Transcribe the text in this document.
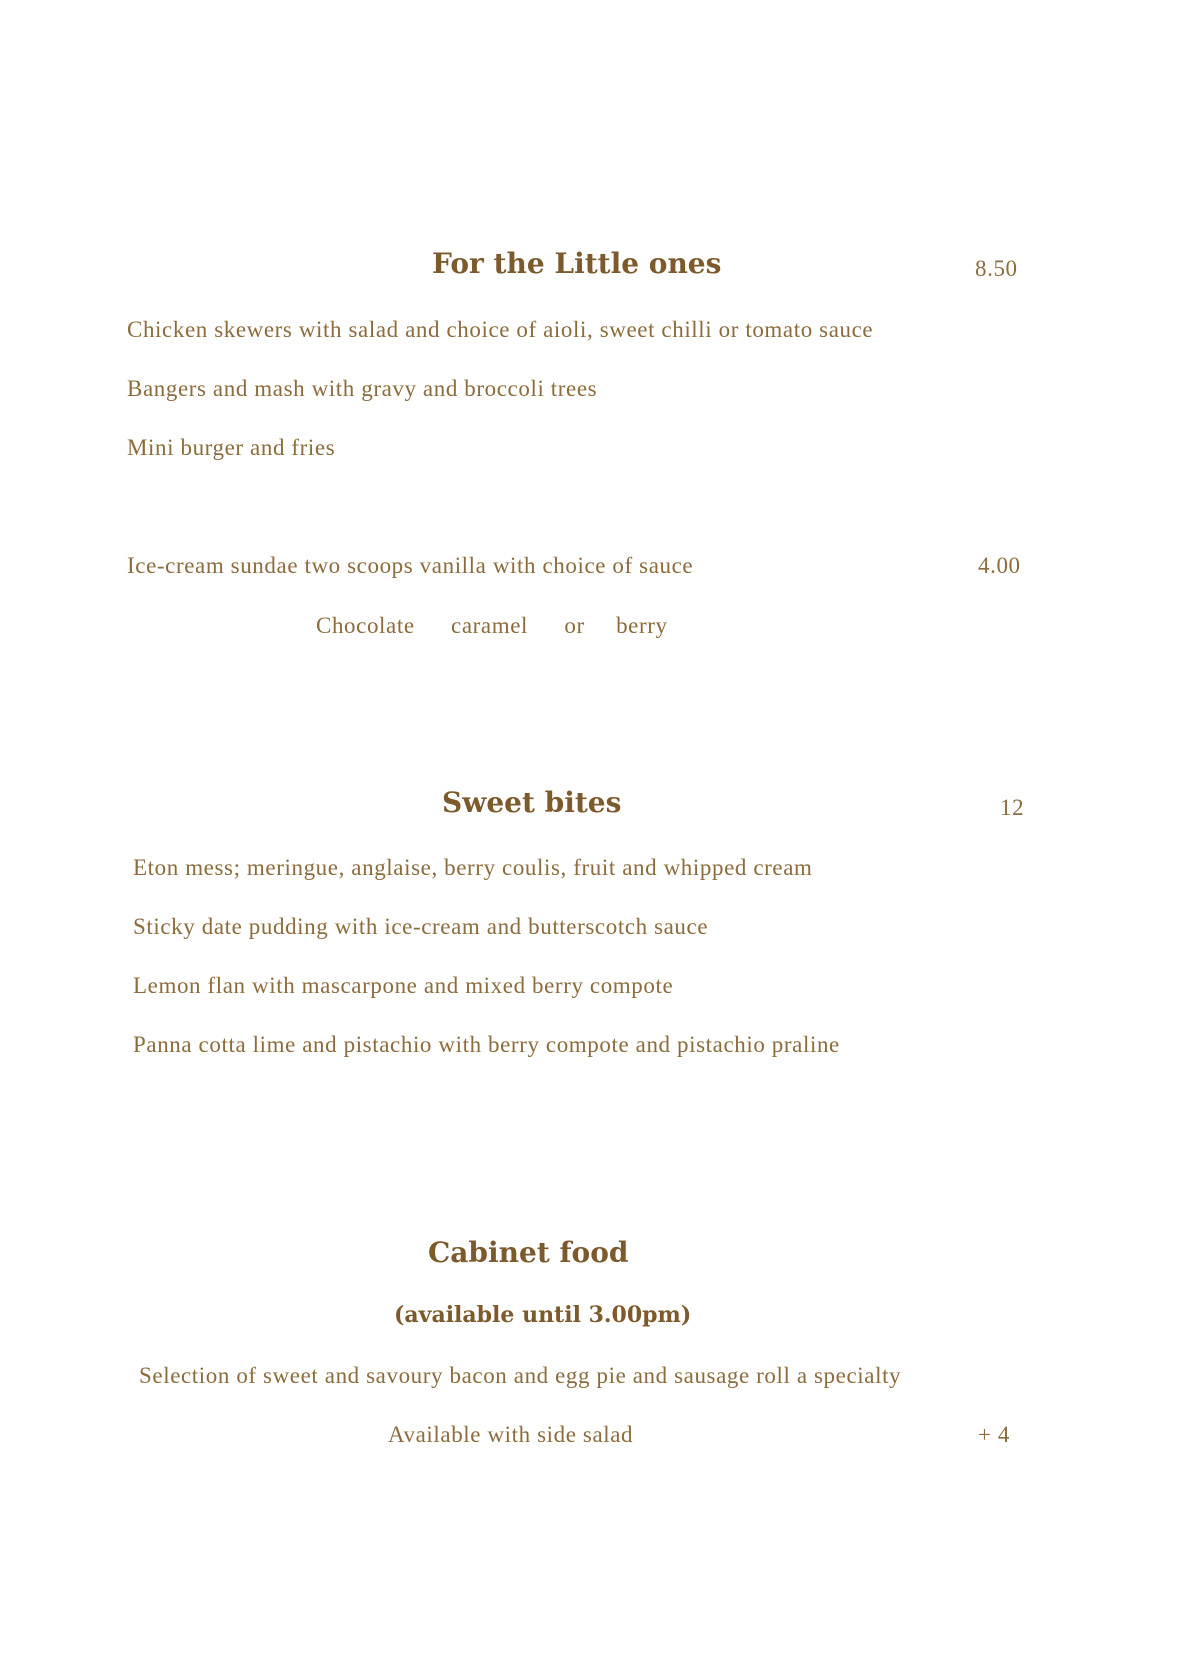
For the Little ones	8.50
Chicken skewers with salad and choice of aioli, sweet chilli or tomato sauce
Bangers and mash with gravy and broccoli trees
Mini burger and fries
Ice-cream sundae two scoops vanilla with choice of sauce	4.00
Chocolate caramel or berry
Sweet bites	12
Eton mess; meringue, anglaise, berry coulis, fruit and whipped cream
Sticky date pudding with ice-cream and butterscotch sauce
Lemon flan with mascarpone and mixed berry compote
Panna cotta lime and pistachio with berry compote and pistachio praline
Cabinet food
(available until 3.00pm)
Selection of sweet and savoury bacon and egg pie and sausage roll a specialty
Available with side salad	+ 4
